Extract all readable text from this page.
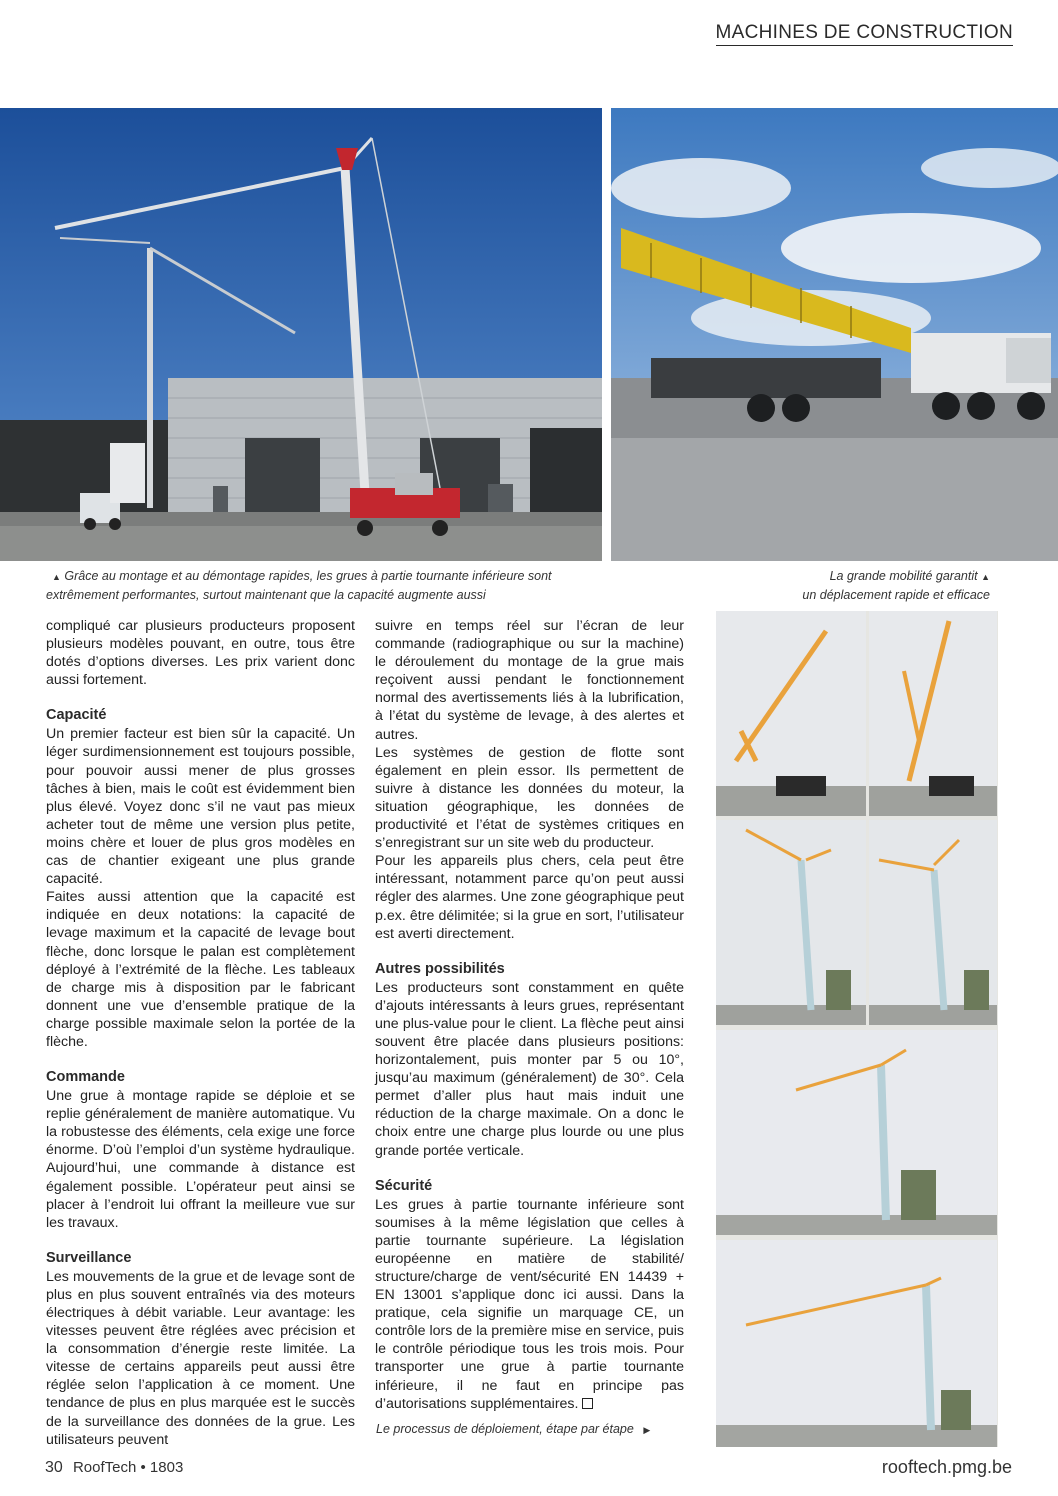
MACHINES DE CONSTRUCTION
▲ Grâce au montage et au démontage rapides, les grues à partie tournante inférieure sont extrêmement performantes, surtout maintenant que la capacité augmente aussi
La grande mobilité garantit ▲
un déplacement rapide et efficace

compliqué car plusieurs producteurs proposent plusieurs modèles pouvant, en outre, tous être dotés d’options diverses. Les prix varient donc aussi fortement.

Capacité

Un premier facteur est bien sûr la capacité. Un léger surdimensionnement est toujours possible, pour pouvoir aussi mener de plus grosses tâches à bien, mais le coût est évidemment bien plus élevé. Voyez donc s’il ne vaut pas mieux acheter tout de même une version plus petite, moins chère et louer de plus gros modèles en cas de chantier exigeant une plus grande capacité.

Faites aussi attention que la capacité est indiquée en deux notations: la capacité de levage maximum et la capacité de levage bout flèche, donc lorsque le palan est complètement déployé à l’extrémité de la flèche. Les tableaux de charge mis à disposition par le fabricant donnent une vue d’ensemble pratique de la charge possible maximale selon la portée de la flèche.

Commande

Une grue à montage rapide se déploie et se replie généralement de manière automatique. Vu la robustesse des éléments, cela exige une force énorme. D’où l’emploi d’un système hydraulique. Aujourd’hui, une commande à distance est également possible. L’opérateur peut ainsi se placer à l’endroit lui offrant la meilleure vue sur les travaux.

Surveillance

Les mouvements de la grue et de levage sont de plus en plus souvent entraînés via des moteurs électriques à débit variable. Leur avantage: les vitesses peuvent être réglées avec précision et la consommation d’énergie reste limitée. La vitesse de certains appareils peut aussi être réglée selon l’application à ce moment. Une tendance de plus en plus marquée est le succès de la surveillance des données de la grue. Les utilisateurs peuvent

suivre en temps réel sur l’écran de leur commande (radiographique ou sur la machine) le déroulement du montage de la grue mais reçoivent aussi pendant le fonctionnement normal des avertissements liés à la lubrification, à l’état du système de levage, à des alertes et autres.

Les systèmes de gestion de flotte sont également en plein essor. Ils permettent de suivre à distance les données du moteur, la situation géographique, les données de productivité et l’état de systèmes critiques en s’enregistrant sur un site web du producteur.

Pour les appareils plus chers, cela peut être intéressant, notamment parce qu’on peut aussi régler des alarmes. Une zone géographique peut p.ex. être délimitée; si la grue en sort, l’utilisateur est averti directement.

Autres possibilités

Les producteurs sont constamment en quête d’ajouts intéressants à leurs grues, représentant une plus-value pour le client. La flèche peut ainsi souvent être placée dans plusieurs positions: horizontalement, puis monter par 5 ou 10°, jusqu’au maximum (généralement) de 30°. Cela permet d’aller plus haut mais induit une réduction de la charge maximale. On a donc le choix entre une charge plus lourde ou une plus grande portée verticale.

Sécurité

Les grues à partie tournante inférieure sont soumises à la même législation que celles à partie tournante supérieure. La législation européenne en matière de stabilité/ structure/charge de vent/sécurité EN 14439 + EN 13001 s’applique donc ici aussi. Dans la pratique, cela signifie un marquage CE, un contrôle lors de la première mise en service, puis le contrôle périodique tous les trois mois. Pour transporter une grue à partie tournante inférieure, il ne faut en principe pas d’autorisations supplémentaires.

Le processus de déploiement, étape par étape ▶
30 RoofTech • 1803	rooftech.pmg.be
